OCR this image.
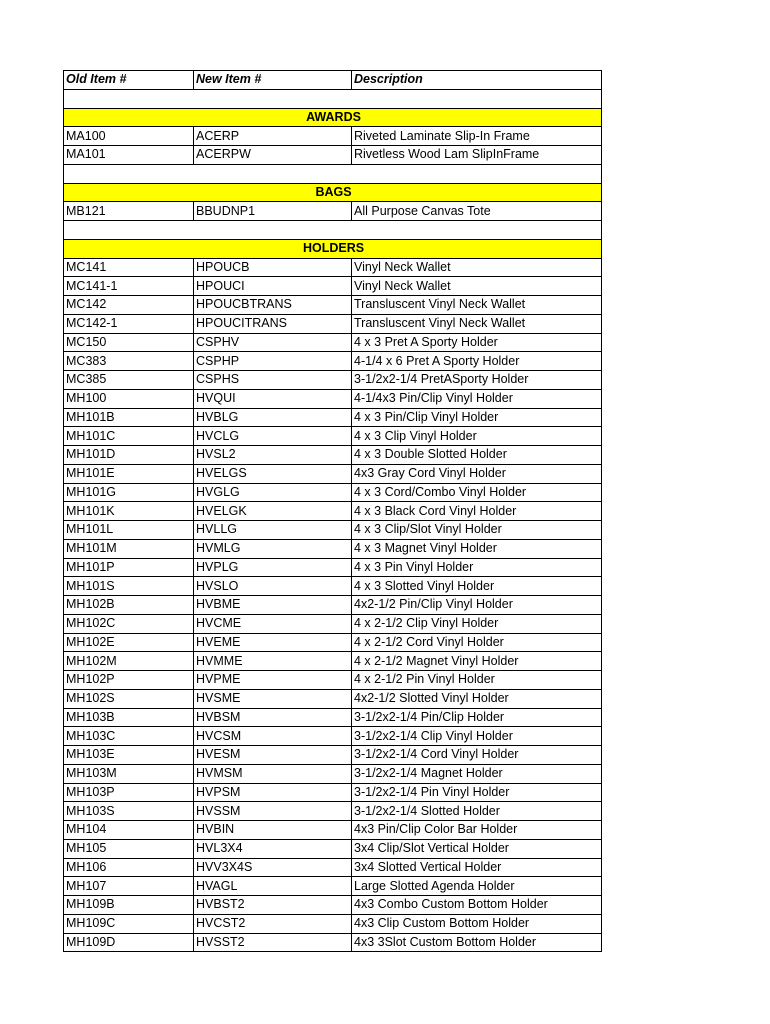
Old Item #	New Item #	Description

AWARDS		
MA100	ACERP	Riveted Laminate Slip-In Frame
MA101	ACERPW	Rivetless Wood Lam SlipInFrame

BAGS		
MB121	BBUDNP1	All Purpose Canvas Tote

HOLDERS		
MC141	HPOUCB	Vinyl Neck Wallet
MC141-1	HPOUCI	Vinyl Neck Wallet
MC142	HPOUCBTRANS	Transluscent Vinyl Neck Wallet
MC142-1	HPOUCITRANS	Transluscent Vinyl Neck Wallet
MC150	CSPHV	4 x 3 Pret A Sporty Holder
MC383	CSPHP	4-1/4 x 6 Pret A Sporty Holder
MC385	CSPHS	3-1/2x2-1/4 PretASporty Holder
MH100	HVQUI	4-1/4x3 Pin/Clip Vinyl Holder
MH101B	HVBLG	4 x 3 Pin/Clip Vinyl Holder
MH101C	HVCLG	4 x 3 Clip Vinyl Holder
MH101D	HVSL2	4 x 3 Double Slotted Holder
MH101E	HVELGS	4x3 Gray Cord Vinyl Holder
MH101G	HVGLG	4 x 3 Cord/Combo Vinyl Holder
MH101K	HVELGK	4 x 3 Black Cord Vinyl Holder
MH101L	HVLLG	4 x 3 Clip/Slot Vinyl Holder
MH101M	HVMLG	4 x 3 Magnet Vinyl Holder
MH101P	HVPLG	4 x 3 Pin Vinyl Holder
MH101S	HVSLO	4 x 3 Slotted Vinyl Holder
MH102B	HVBME	4x2-1/2 Pin/Clip Vinyl Holder
MH102C	HVCME	4 x 2-1/2 Clip Vinyl Holder
MH102E	HVEME	4 x 2-1/2 Cord Vinyl Holder
MH102M	HVMME	4 x 2-1/2 Magnet Vinyl Holder
MH102P	HVPME	4 x 2-1/2 Pin Vinyl Holder
MH102S	HVSME	4x2-1/2 Slotted Vinyl Holder
MH103B	HVBSM	3-1/2x2-1/4 Pin/Clip Holder
MH103C	HVCSM	3-1/2x2-1/4 Clip Vinyl Holder
MH103E	HVESM	3-1/2x2-1/4 Cord Vinyl Holder
MH103M	HVMSM	3-1/2x2-1/4 Magnet Holder
MH103P	HVPSM	3-1/2x2-1/4 Pin Vinyl Holder
MH103S	HVSSM	3-1/2x2-1/4 Slotted Holder
MH104	HVBIN	4x3 Pin/Clip Color Bar Holder
MH105	HVL3X4	3x4 Clip/Slot Vertical Holder
MH106	HVV3X4S	3x4 Slotted Vertical Holder
MH107	HVAGL	Large Slotted Agenda Holder
MH109B	HVBST2	4x3 Combo Custom Bottom Holder
MH109C	HVCST2	4x3 Clip Custom Bottom Holder
MH109D	HVSST2	4x3 3Slot Custom Bottom Holder
